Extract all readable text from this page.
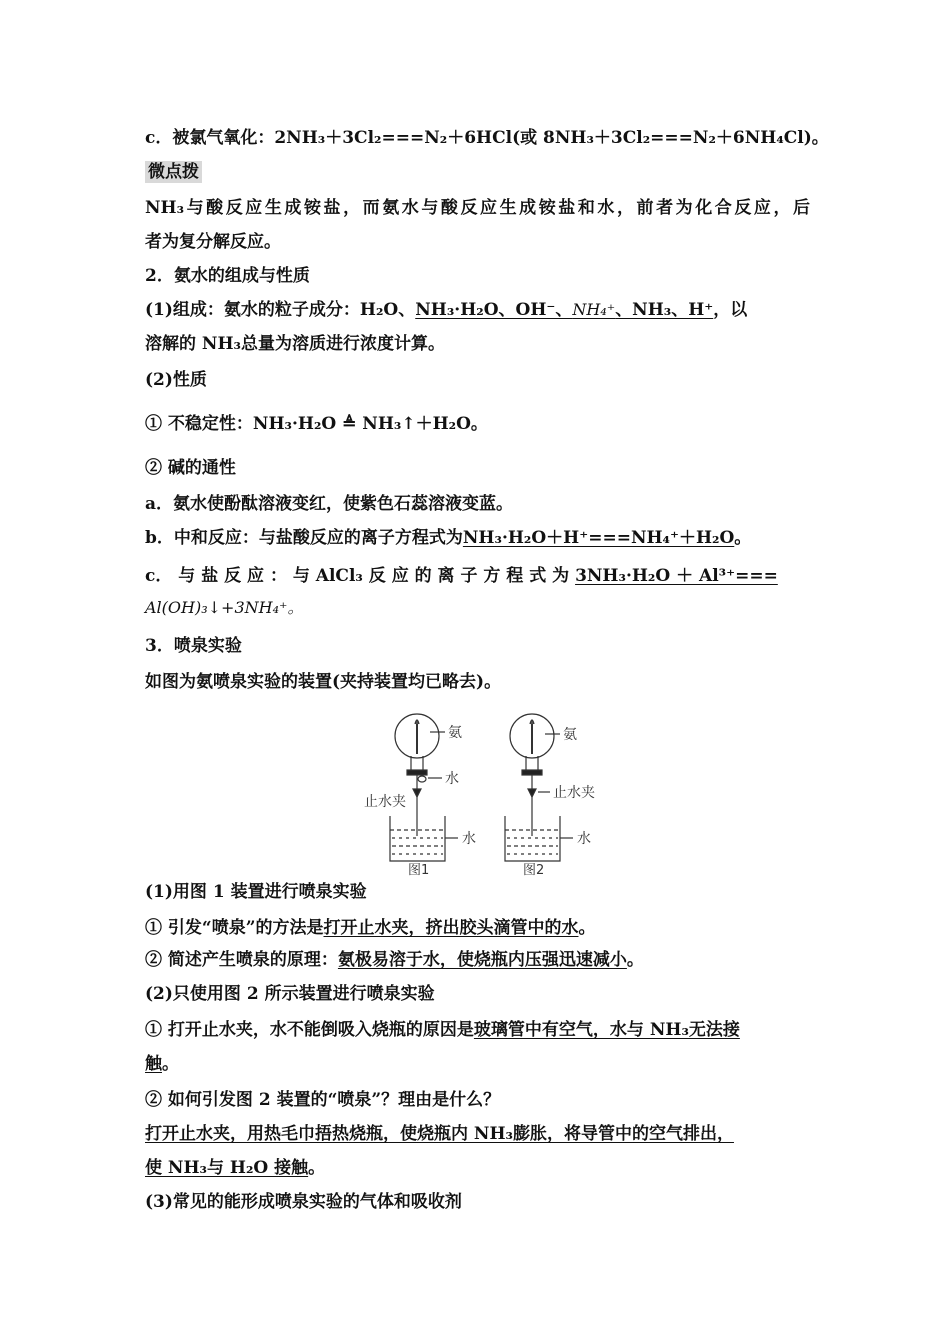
c．被氯气氧化：2NH₃＋3Cl₂===N₂＋6HCl(或 8NH₃＋3Cl₂===N₂＋6NH₄Cl)。
微点拨
NH₃与酸反应生成铵盐，而氨水与酸反应生成铵盐和水，前者为化合反应，后
者为复分解反应。
2．氨水的组成与性质
(1)组成：氨水的粒子成分：H₂O、NH₃·H₂O、OH⁻、NH₄⁺、NH₃、H⁺，以
溶解的 NH₃总量为溶质进行浓度计算。
(2)性质
① 不稳定性：NH₃·H₂O ≜ NH₃↑＋H₂O。
② 碱的通性
a．氨水使酚酞溶液变红，使紫色石蕊溶液变蓝。
b．中和反应：与盐酸反应的离子方程式为NH₃·H₂O＋H⁺===NH₄⁺＋H₂O。
c． 与 盐 反 应 ： 与 AlCl₃ 反 应 的 离 子 方 程 式 为 3NH₃·H₂O ＋ Al³⁺===
Al(OH)₃↓+3NH₄⁺。
3．喷泉实验
如图为氨喷泉实验的装置(夹持装置均已略去)。
氨
水
止水夹
水
图1
氨
止水夹
水
图2
(1)用图 1 装置进行喷泉实验
① 引发“喷泉”的方法是打开止水夹，挤出胶头滴管中的水。
② 简述产生喷泉的原理：氨极易溶于水，使烧瓶内压强迅速减小。
(2)只使用图 2 所示装置进行喷泉实验
① 打开止水夹，水不能倒吸入烧瓶的原因是玻璃管中有空气，水与 NH₃无法接
触。
② 如何引发图 2 装置的“喷泉”？理由是什么？
打开止水夹，用热毛巾捂热烧瓶，使烧瓶内 NH₃膨胀，将导管中的空气排出，
使 NH₃与 H₂O 接触。
(3)常见的能形成喷泉实验的气体和吸收剂
